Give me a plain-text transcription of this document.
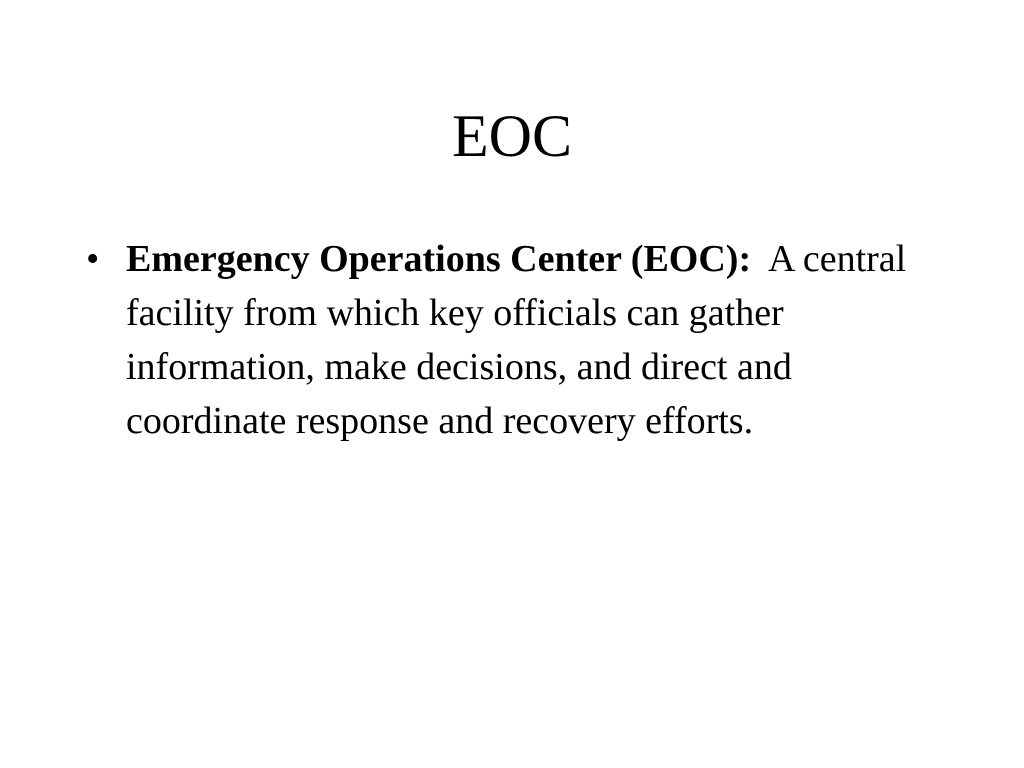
EOC
• Emergency Operations Center (EOC): A central facility from which key officials can gather information, make decisions, and direct and coordinate response and recovery efforts.
